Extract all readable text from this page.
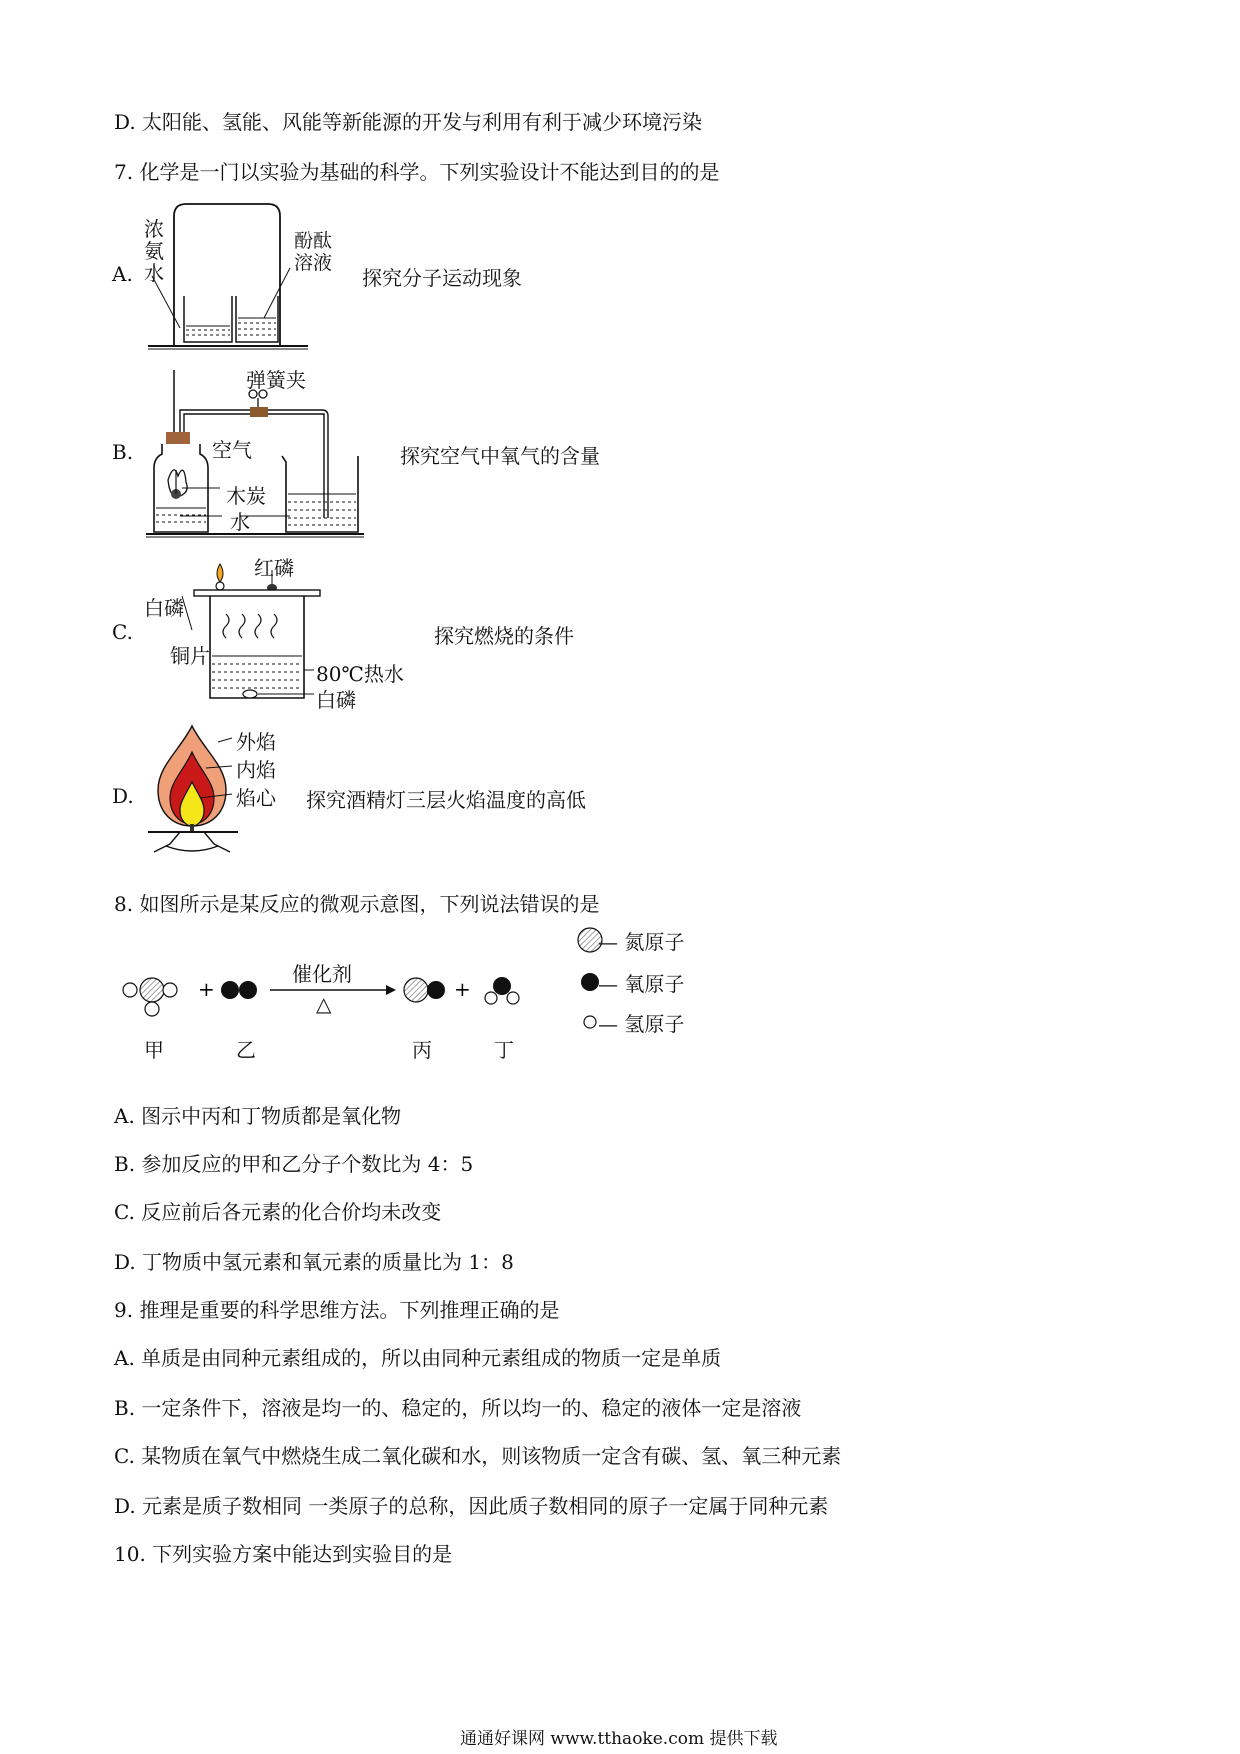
D. 太阳能、氢能、风能等新能源的开发与利用有利于减少环境污染
7. 化学是一门以实验为基础的科学。下列实验设计不能达到目的的是
A.
浓氨水
酚酞
溶液
探究分子运动现象
B.
弹簧夹
空气
木炭
水
探究空气中氧气的含量
C.
红磷
白磷
铜片
80℃热水
白磷
探究燃烧的条件
D.
外焰
内焰
焰心 探究酒精灯三层火焰温度的高低
8. 如图所示是某反应的微观示意图，下列说法错误的是
+	+
催化剂
△
— 氮原子
— 氧原子
— 氢原子
甲	乙	丙	丁
A. 图示中丙和丁物质都是氧化物
B. 参加反应的甲和乙分子个数比为 4：5
C. 反应前后各元素的化合价均未改变
D. 丁物质中氢元素和氧元素的质量比为 1：8
9. 推理是重要的科学思维方法。下列推理正确的是
A. 单质是由同种元素组成的，所以由同种元素组成的物质一定是单质
B. 一定条件下，溶液是均一的、稳定的，所以均一的、稳定的液体一定是溶液
C. 某物质在氧气中燃烧生成二氧化碳和水，则该物质一定含有碳、氢、氧三种元素
D. 元素是质子数相同 一类原子的总称，因此质子数相同的原子一定属于同种元素
10. 下列实验方案中能达到实验目的是
通通好课网 www.tthaoke.com 提供下载
